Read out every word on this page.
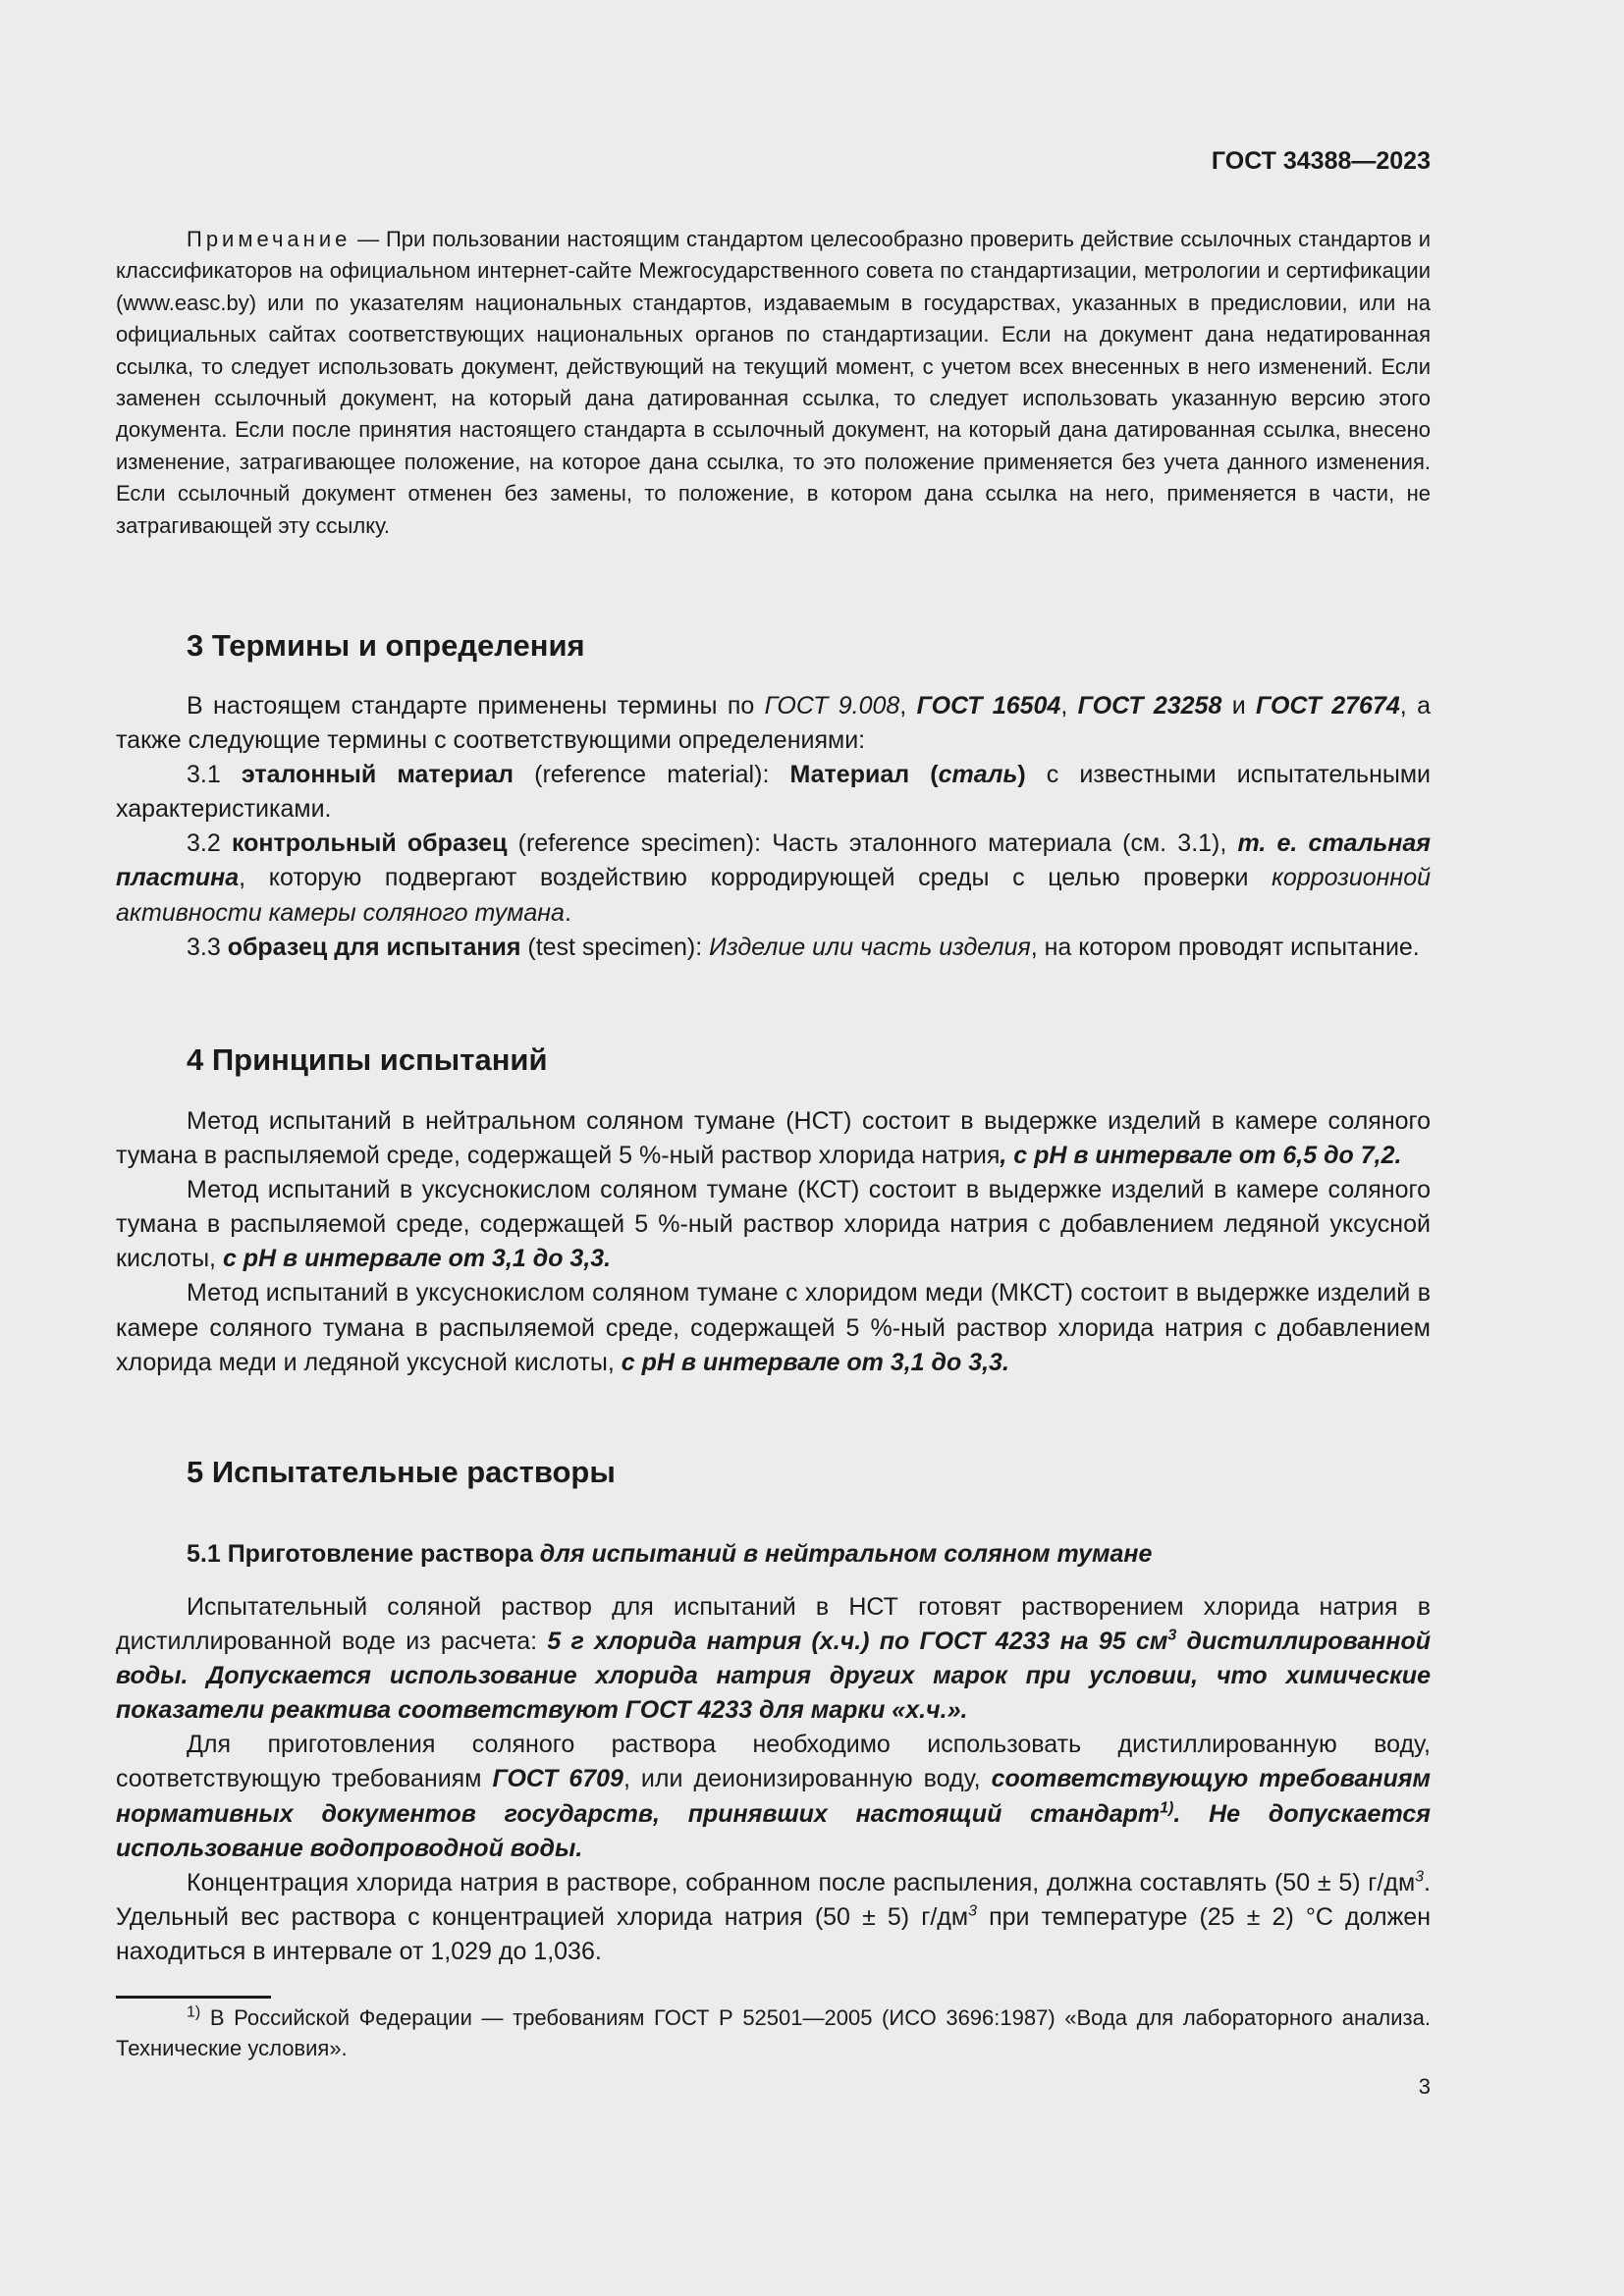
ГОСТ 34388—2023

Примечание — При пользовании настоящим стандартом целесообразно проверить действие ссылочных стандартов и классификаторов на официальном интернет-сайте Межгосударственного совета по стандартизации, метрологии и сертификации (www.easc.by) или по указателям национальных стандартов, издаваемым в государствах, указанных в предисловии, или на официальных сайтах соответствующих национальных органов по стандартизации. Если на документ дана недатированная ссылка, то следует использовать документ, действующий на текущий момент, с учетом всех внесенных в него изменений. Если заменен ссылочный документ, на который дана датированная ссылка, то следует использовать указанную версию этого документа. Если после принятия настоящего стандарта в ссылочный документ, на который дана датированная ссылка, внесено изменение, затрагивающее положение, на которое дана ссылка, то это положение применяется без учета данного изменения. Если ссылочный документ отменен без замены, то положение, в котором дана ссылка на него, применяется в части, не затрагивающей эту ссылку.

3 Термины и определения

В настоящем стандарте применены термины по ГОСТ 9.008, ГОСТ 16504, ГОСТ 23258 и ГОСТ 27674, а также следующие термины с соответствующими определениями:

3.1 эталонный материал (reference material): Материал (сталь) с известными испытательными характеристиками.

3.2 контрольный образец (reference specimen): Часть эталонного материала (см. 3.1), т. е. стальная пластина, которую подвергают воздействию корродирующей среды с целью проверки коррозионной активности камеры соляного тумана.

3.3 образец для испытания (test specimen): Изделие или часть изделия, на котором проводят испытание.

4 Принципы испытаний

Метод испытаний в нейтральном соляном тумане (НСТ) состоит в выдержке изделий в камере соляного тумана в распыляемой среде, содержащей 5 %-ный раствор хлорида натрия, с pH в интервале от 6,5 до 7,2.

Метод испытаний в уксуснокислом соляном тумане (КСТ) состоит в выдержке изделий в камере соляного тумана в распыляемой среде, содержащей 5 %-ный раствор хлорида натрия с добавлением ледяной уксусной кислоты, с pH в интервале от 3,1 до 3,3.

Метод испытаний в уксуснокислом соляном тумане с хлоридом меди (МКСТ) состоит в выдержке изделий в камере соляного тумана в распыляемой среде, содержащей 5 %-ный раствор хлорида натрия с добавлением хлорида меди и ледяной уксусной кислоты, с pH в интервале от 3,1 до 3,3.

5 Испытательные растворы
5.1 Приготовление раствора для испытаний в нейтральном соляном тумане

Испытательный соляной раствор для испытаний в НСТ готовят растворением хлорида натрия в дистиллированной воде из расчета: 5 г хлорида натрия (х.ч.) по ГОСТ 4233 на 95 $см^3$ дистиллированной воды. Допускается использование хлорида натрия других марок при условии, что химические показатели реактива соответствуют ГОСТ 4233 для марки «х.ч.».

Для приготовления соляного раствора необходимо использовать дистиллированную воду, соответствующую требованиям ГОСТ 6709, или деионизированную воду, соответствующую требованиям нормативных документов государств, принявших настоящий стандарт$^{1)}$. Не допускается использование водопроводной воды.

Концентрация хлорида натрия в растворе, собранном после распыления, должна составлять (50 ± 5) $г/дм^3$. Удельный вес раствора с концентрацией хлорида натрия (50 ± 5) $г/дм^3$ при температуре (25 ± 2) °С должен находиться в интервале от 1,029 до 1,036.

$^{1)}$ В Российской Федерации — требованиям ГОСТ Р 52501—2005 (ИСО 3696:1987) «Вода для лабораторного анализа. Технические условия».

3
